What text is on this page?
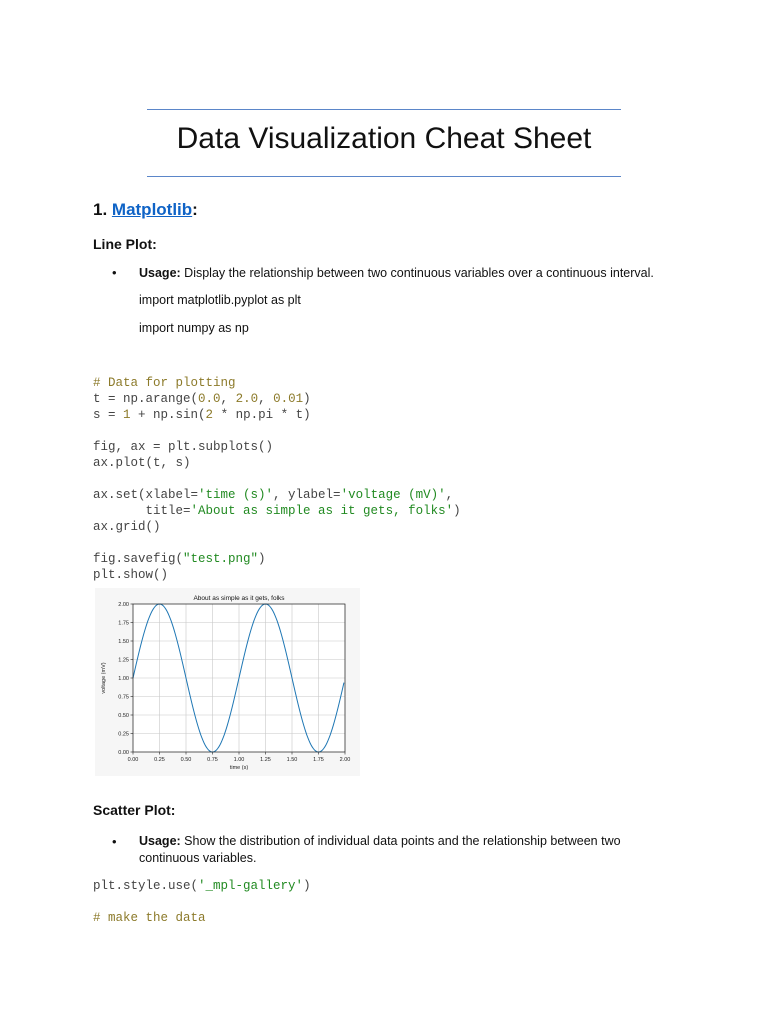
Data Visualization Cheat Sheet
1. Matplotlib:
Line Plot:
• Usage: Display the relationship between two continuous variables over a continuous interval.
import matplotlib.pyplot as plt
import numpy as np
# Data for plotting
t = np.arange(0.0, 2.0, 0.01)
s = 1 + np.sin(2 * np.pi * t)

fig, ax = plt.subplots()
ax.plot(t, s)

ax.set(xlabel='time (s)', ylabel='voltage (mV)',
title='About as simple as it gets, folks')
ax.grid()

fig.savefig("test.png")
plt.show()
0.00	0.25	0.50	0.75	1.00	1.25	1.50	1.75	2.00
0.00
0.25
0.50
0.75
1.00
1.25
1.50
1.75
2.00
About as simple as it gets, folks
time (s)
voltage (mV)
Scatter Plot:
• Usage: Show the distribution of individual data points and the relationship between two continuous variables.
plt.style.use('_mpl-gallery')

# make the data
